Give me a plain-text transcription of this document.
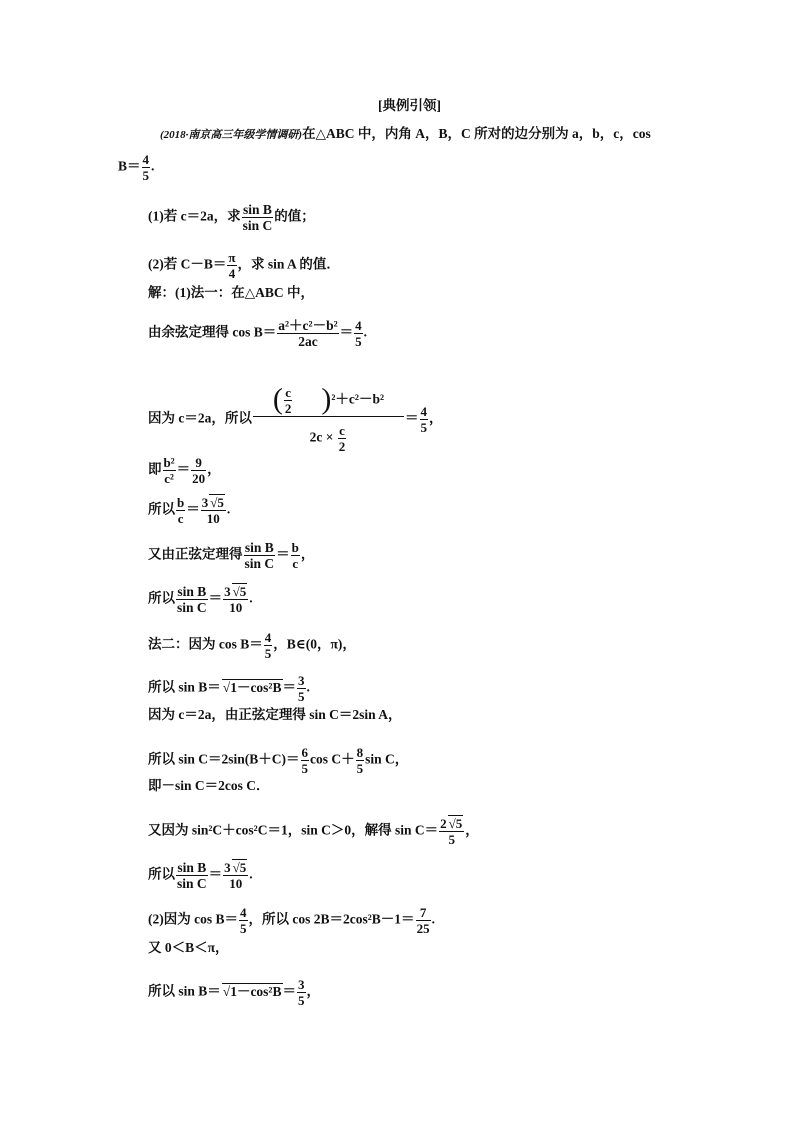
[典例引领]
(2018·南京高三年级学情调研)在△ABC 中，内角 A，B，C 所对的边分别为 a，b，c，cos
$B= \frac{4}{5}$ .
(1)若 c＝2a，求 $\frac{\text{sin B}}{\text{sin C}}$ 的值；
(2)若 $C-B= \frac{\pi}{4}$ ，求 sin A 的值．
解：(1)法一：在△ABC 中，
由余弦定理得 $\cos B= \frac{\text{a²＋c²－b²}}{2ac} = \frac{4}{5}$ .
因为 c＝2a，所以 $\frac{( \frac{c}{2} )^2+c^2-b^2}{2c \times \frac{c}{2}} = \frac{4}{5}$ ，
即 $\frac{\text{b²}}{\text{c²}} = \frac{9}{20}$ ，
所以 $\frac{b}{c} = \frac{3 √5}{10}$ .
又由正弦定理得 $\frac{\text{sin B}}{\text{sin C}} = \frac{b}{c}$ ，
所以 $\frac{\text{sin B}}{\text{sin C}} = \frac{3 √5}{10}$ .
法二：因为 $\cos B= \frac{4}{5}$ ，B∈(0，π)，
所以 $\sin B= √1-\cos^2B= \frac{3}{5}$ .
因为 c＝2a，由正弦定理得 sin C＝2sin A，
所以 $\sin C=2\sin(B+C)= \frac{6}{5}$ $\cos C+ \frac{8}{5}$ sin C，
即－sin C＝2cos C．
又因为 sin²C＋cos²C＝1，sin C＞0，解得 $\sin C= \frac{2 √5}{5}$ ，
所以 $\frac{\text{sin B}}{\text{sin C}} = \frac{3 √5}{10}$ .
(2)因为 $\cos B= \frac{4}{5}$ ，所以 $\cos 2B=2\cos^2B-1= \frac{7}{25}$ .
又 0＜B＜π，
所以 $\sin B= √1-\cos^2B= \frac{3}{5}$ ，
